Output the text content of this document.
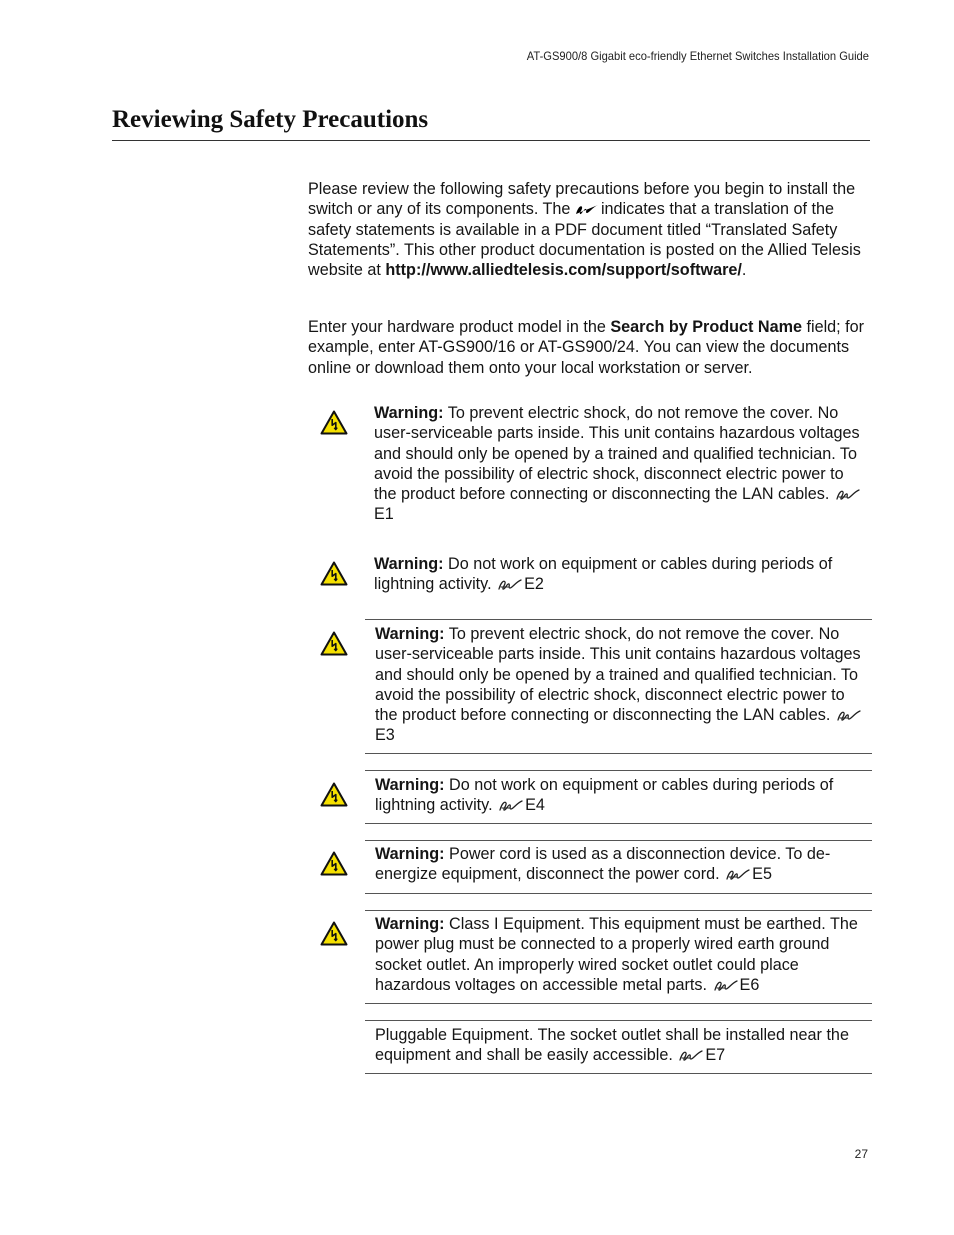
AT-GS900/8 Gigabit eco-friendly Ethernet Switches Installation Guide
Reviewing Safety Precautions

Please review the following safety precautions before you begin to install the switch or any of its components. The indicates that a translation of the safety statements is available in a PDF document titled “Translated Safety Statements”. This other product documentation is posted on the Allied Telesis website at http://www.alliedtelesis.com/support/software/.

Enter your hardware product model in the Search by Product Name field; for example, enter AT-GS900/16 or AT-GS900/24. You can view the documents online or download them onto your local workstation or server.

Warning: To prevent electric shock, do not remove the cover. No user-serviceable parts inside. This unit contains hazardous voltages and should only be opened by a trained and qualified technician. To avoid the possibility of electric shock, disconnect electric power to the product before connecting or disconnecting the LAN cables. E1

Warning: Do not work on equipment or cables during periods of lightning activity. E2

Warning: To prevent electric shock, do not remove the cover. No user-serviceable parts inside. This unit contains hazardous voltages and should only be opened by a trained and qualified technician. To avoid the possibility of electric shock, disconnect electric power to the product before connecting or disconnecting the LAN cables. E3

Warning: Do not work on equipment or cables during periods of lightning activity. E4

Warning: Power cord is used as a disconnection device. To de-energize equipment, disconnect the power cord. E5

Warning: Class I Equipment. This equipment must be earthed. The power plug must be connected to a properly wired earth ground socket outlet. An improperly wired socket outlet could place hazardous voltages on accessible metal parts. E6

Pluggable Equipment. The socket outlet shall be installed near the equipment and shall be easily accessible. E7

27
